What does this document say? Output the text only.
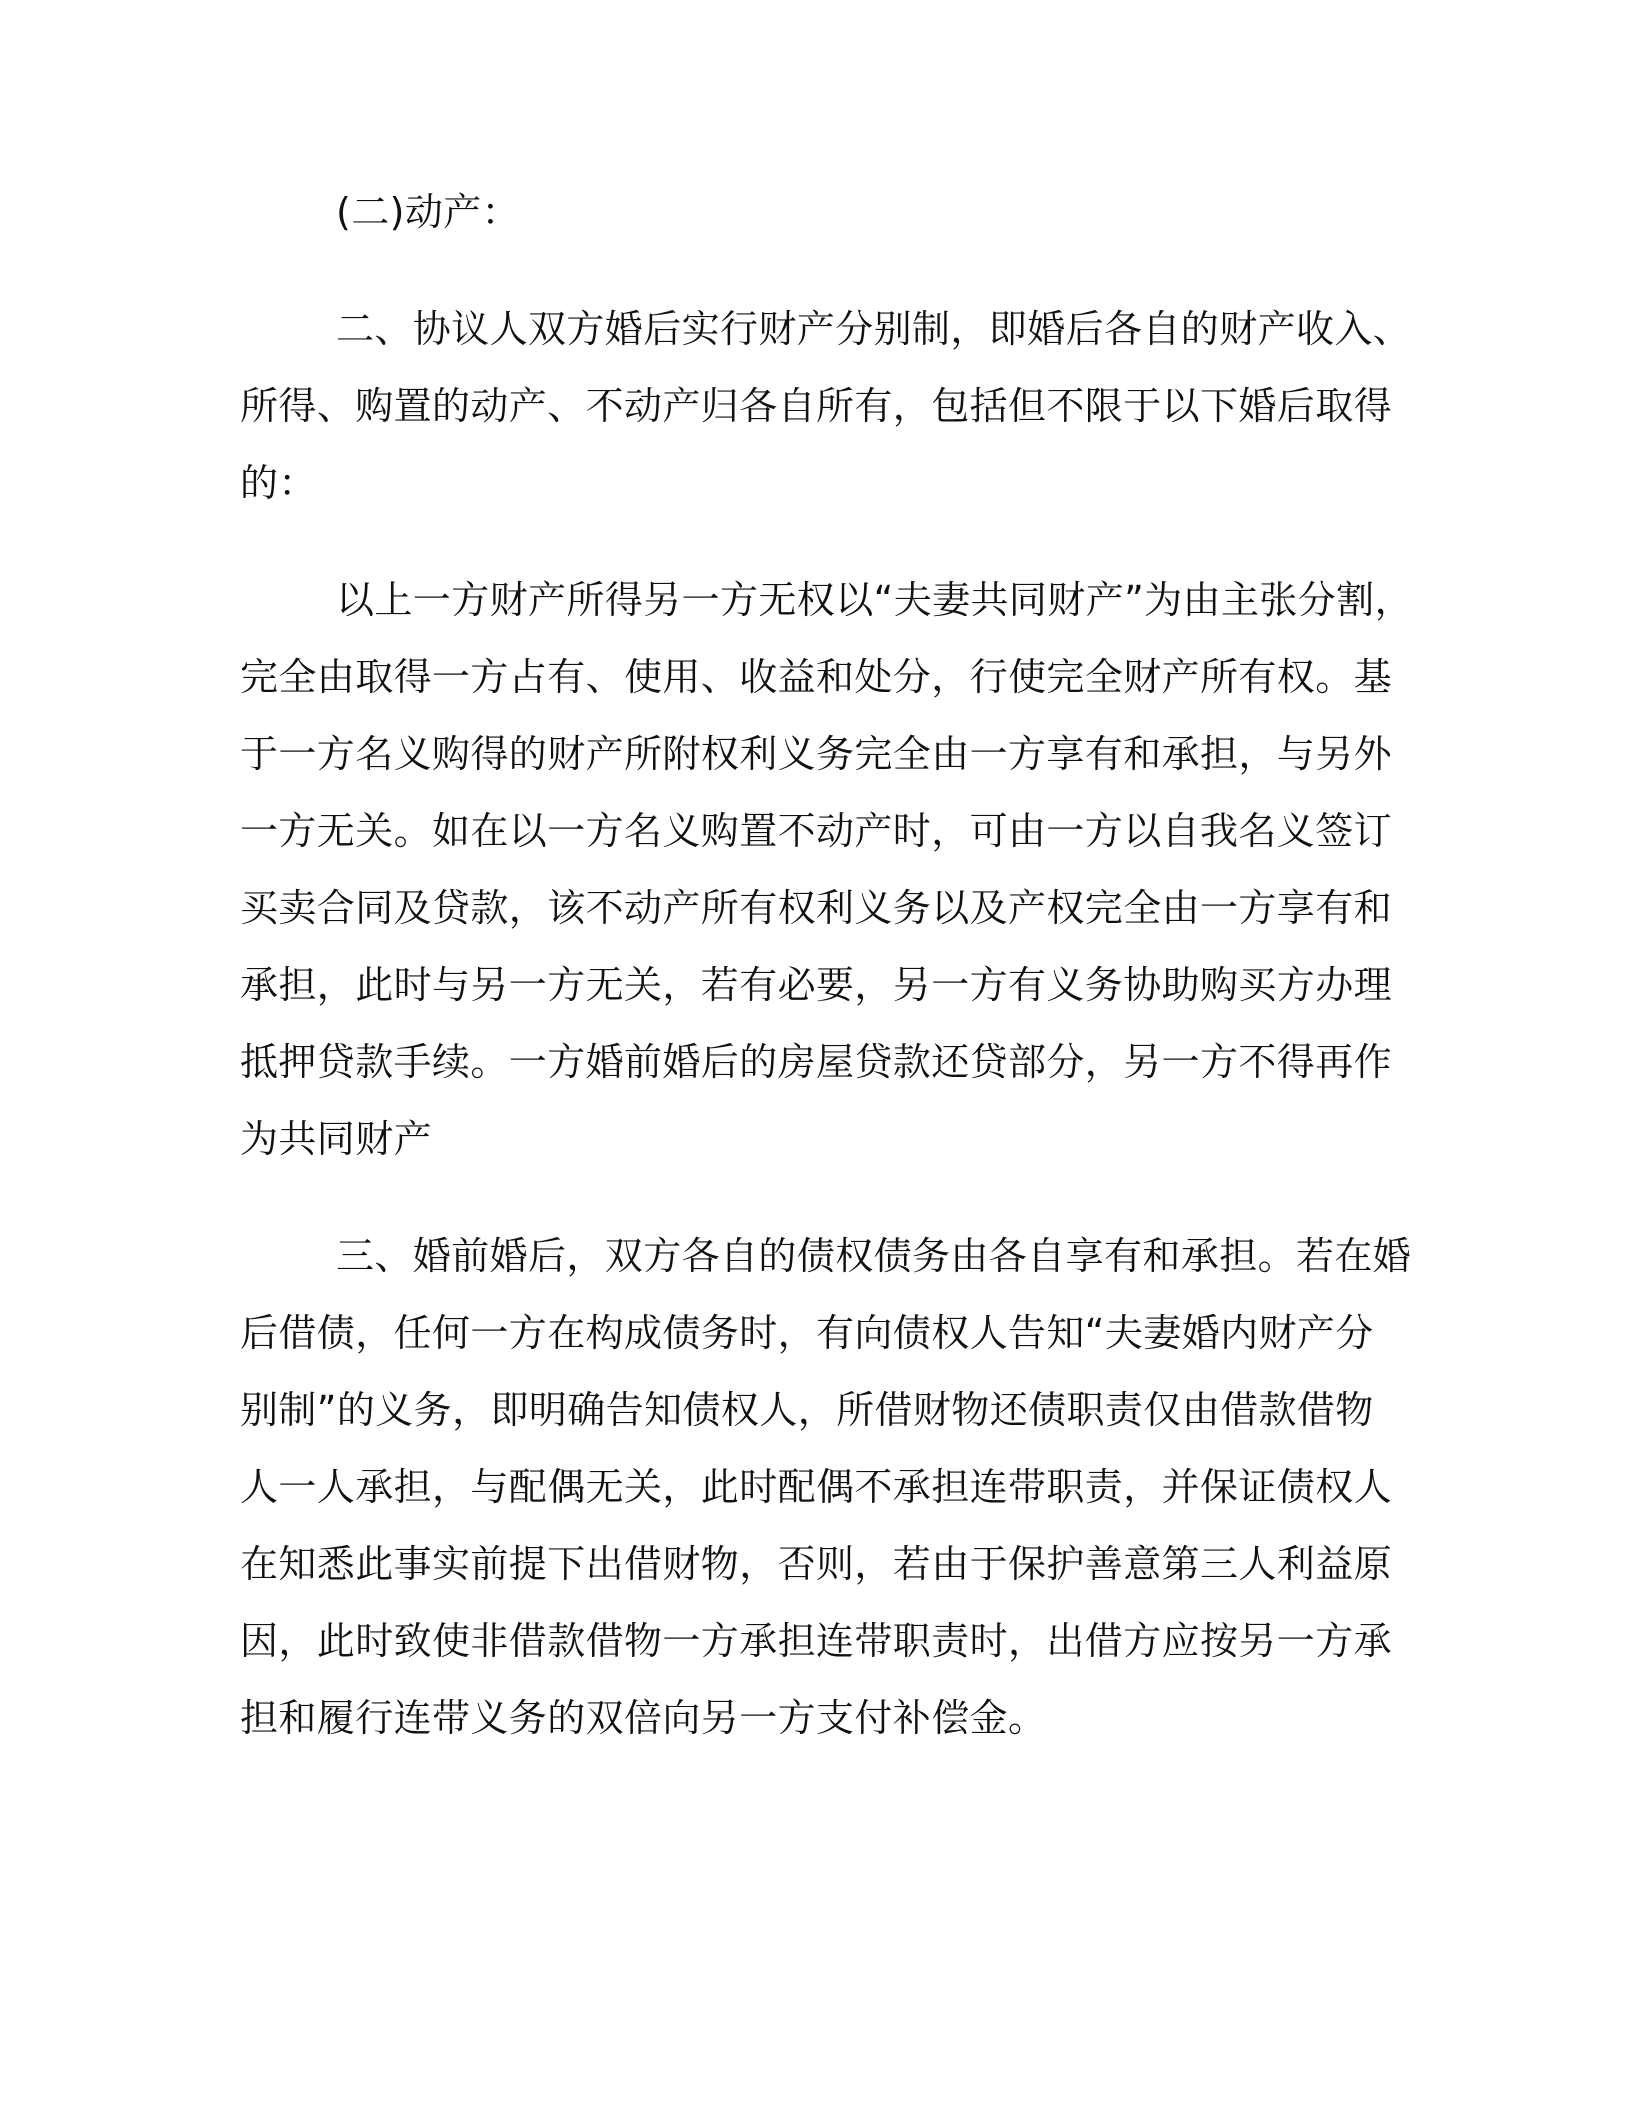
(二)动产：
二、协议人双方婚后实行财产分别制，即婚后各自的财产收入、
所得、购置的动产、不动产归各自所有，包括但不限于以下婚后取得
的：
以上一方财产所得另一方无权以“夫妻共同财产”为由主张分割，
完全由取得一方占有、使用、收益和处分，行使完全财产所有权。基
于一方名义购得的财产所附权利义务完全由一方享有和承担，与另外
一方无关。如在以一方名义购置不动产时，可由一方以自我名义签订
买卖合同及贷款，该不动产所有权利义务以及产权完全由一方享有和
承担，此时与另一方无关，若有必要，另一方有义务协助购买方办理
抵押贷款手续。一方婚前婚后的房屋贷款还贷部分，另一方不得再作
为共同财产
三、婚前婚后，双方各自的债权债务由各自享有和承担。若在婚
后借债，任何一方在构成债务时，有向债权人告知“夫妻婚内财产分
别制”的义务，即明确告知债权人，所借财物还债职责仅由借款借物
人一人承担，与配偶无关，此时配偶不承担连带职责，并保证债权人
在知悉此事实前提下出借财物，否则，若由于保护善意第三人利益原
因，此时致使非借款借物一方承担连带职责时，出借方应按另一方承
担和履行连带义务的双倍向另一方支付补偿金。
